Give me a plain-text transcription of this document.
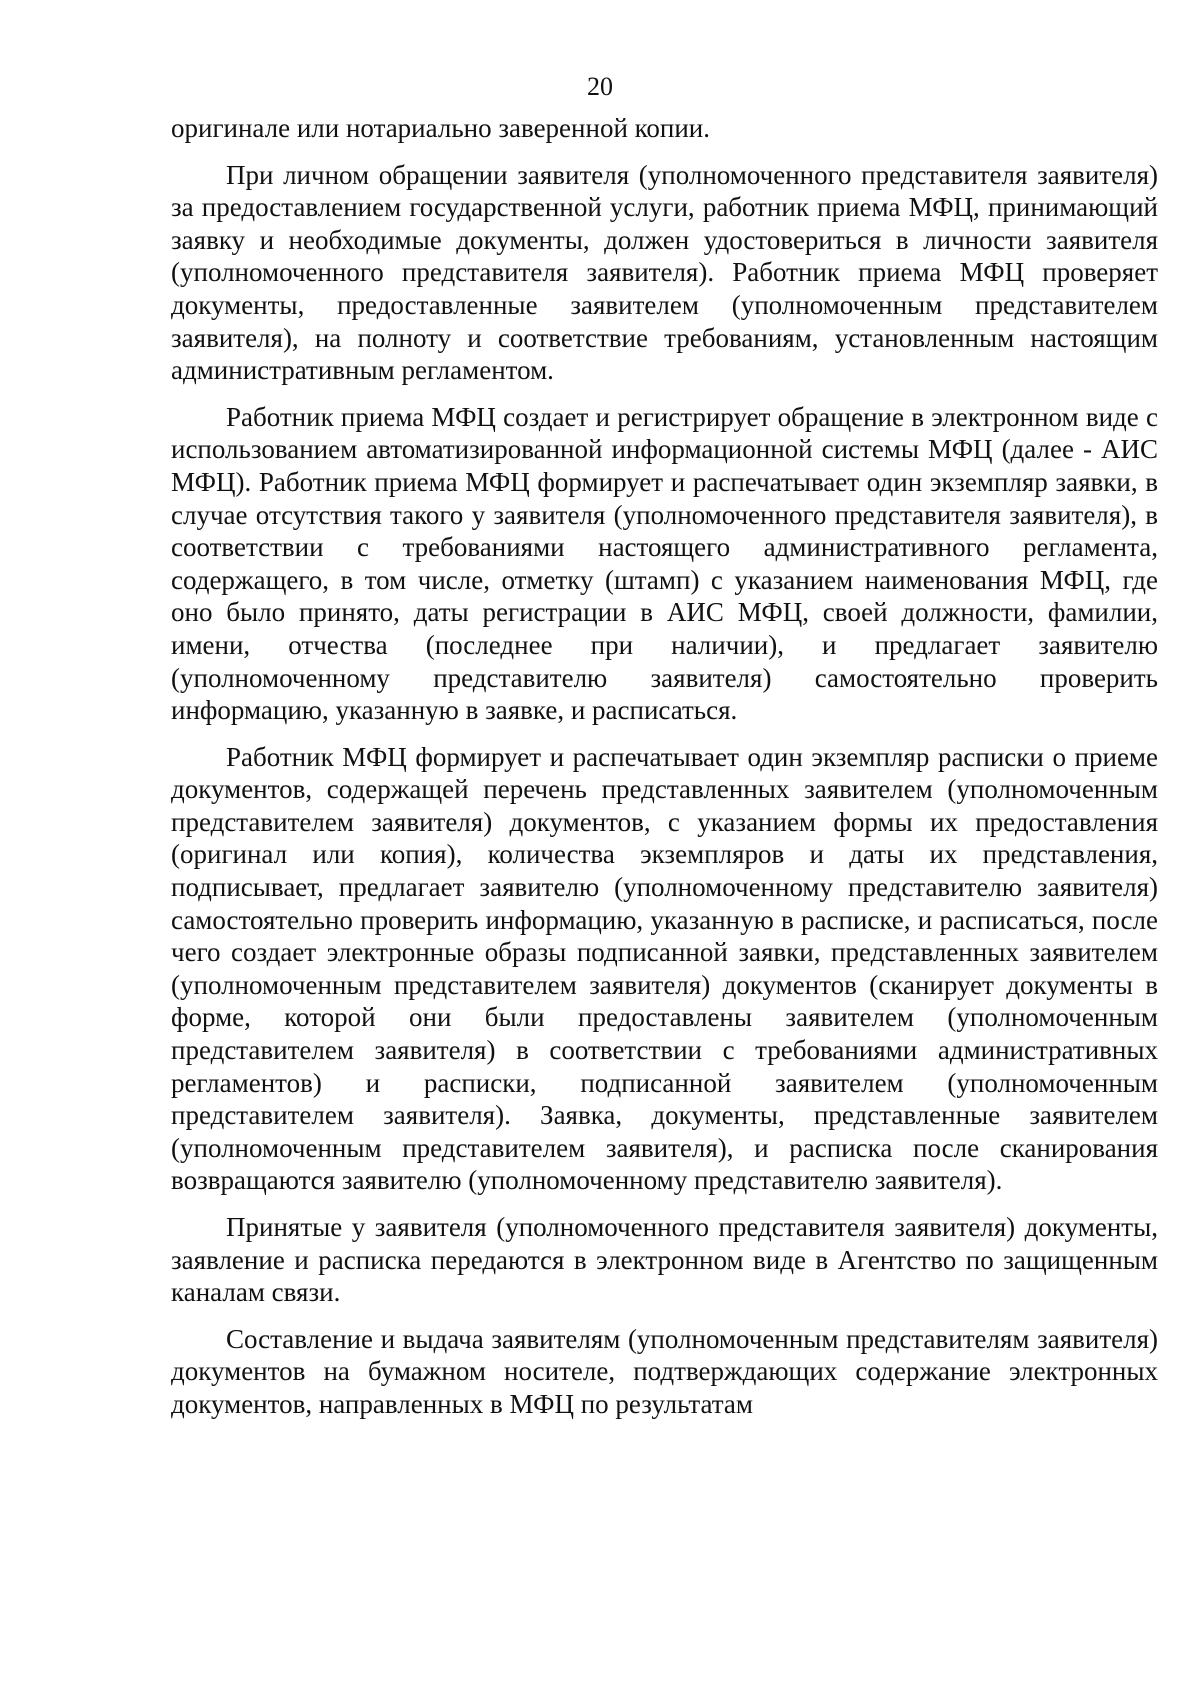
20

оригинале или нотариально заверенной копии.

При личном обращении заявителя (уполномоченного представителя заявителя) за предоставлением государственной услуги, работник приема МФЦ, принимающий заявку и необходимые документы, должен удостовериться в личности заявителя (уполномоченного представителя заявителя). Работник приема МФЦ проверяет документы, предоставленные заявителем (уполномоченным представителем заявителя), на полноту и соответствие требованиям, установленным настоящим административным регламентом.

Работник приема МФЦ создает и регистрирует обращение в электронном виде с использованием автоматизированной информационной системы МФЦ (далее - АИС МФЦ). Работник приема МФЦ формирует и распечатывает один экземпляр заявки, в случае отсутствия такого у заявителя (уполномоченного представителя заявителя), в соответствии с требованиями настоящего административного регламента, содержащего, в том числе, отметку (штамп) с указанием наименования МФЦ, где оно было принято, даты регистрации в АИС МФЦ, своей должности, фамилии, имени, отчества (последнее при наличии), и предлагает заявителю (уполномоченному представителю заявителя) самостоятельно проверить информацию, указанную в заявке, и расписаться.

Работник МФЦ формирует и распечатывает один экземпляр расписки о приеме документов, содержащей перечень представленных заявителем (уполномоченным представителем заявителя) документов, с указанием формы их предоставления (оригинал или копия), количества экземпляров и даты их представления, подписывает, предлагает заявителю (уполномоченному представителю заявителя) самостоятельно проверить информацию, указанную в расписке, и расписаться, после чего создает электронные образы подписанной заявки, представленных заявителем (уполномоченным представителем заявителя) документов (сканирует документы в форме, которой они были предоставлены заявителем (уполномоченным представителем заявителя) в соответствии с требованиями административных регламентов) и расписки, подписанной заявителем (уполномоченным представителем заявителя). Заявка, документы, представленные заявителем (уполномоченным представителем заявителя), и расписка после сканирования возвращаются заявителю (уполномоченному представителю заявителя).

Принятые у заявителя (уполномоченного представителя заявителя) документы, заявление и расписка передаются в электронном виде в Агентство по защищенным каналам связи.

Составление и выдача заявителям (уполномоченным представителям заявителя) документов на бумажном носителе, подтверждающих содержание электронных документов, направленных в МФЦ по результатам
